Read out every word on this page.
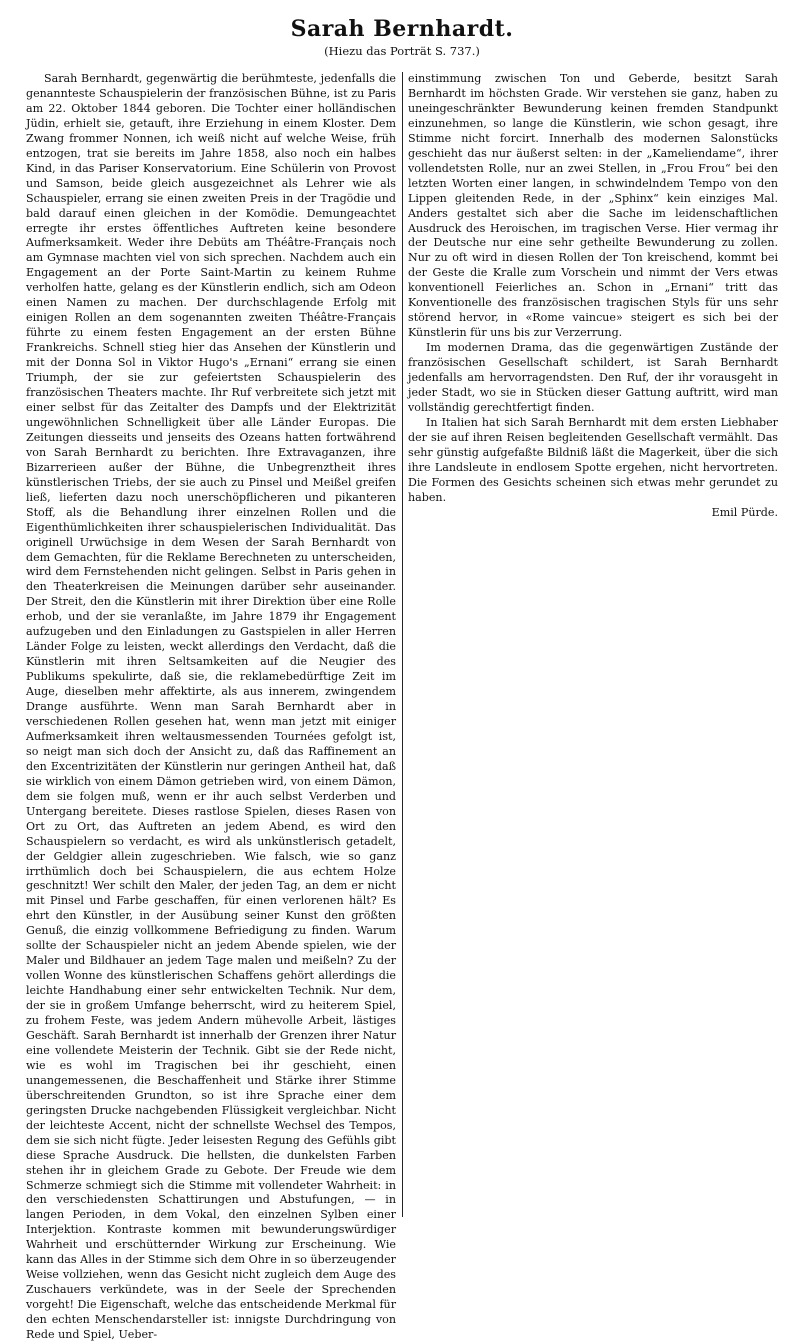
Sarah Bernhardt.
(Hiezu das Porträt S. 737.)

Sarah Bernhardt, gegenwärtig die berühmteste, jedenfalls die genannteste Schauspielerin der französischen Bühne, ist zu Paris am 22. Oktober 1844 geboren. Die Tochter einer holländischen Jüdin, erhielt sie, getauft, ihre Erziehung in einem Kloster. Dem Zwang frommer Nonnen, ich weiß nicht auf welche Weise, früh entzogen, trat sie bereits im Jahre 1858, also noch ein halbes Kind, in das Pariser Konservatorium. Eine Schülerin von Provost und Samson, beide gleich ausgezeichnet als Lehrer wie als Schauspieler, errang sie einen zweiten Preis in der Tragödie und bald darauf einen gleichen in der Komödie. Demungeachtet erregte ihr erstes öffentliches Auftreten keine besondere Aufmerksamkeit. Weder ihre Debüts am Théâtre-Français noch am Gymnase machten viel von sich sprechen. Nachdem auch ein Engagement an der Porte Saint-Martin zu keinem Ruhme verholfen hatte, gelang es der Künstlerin endlich, sich am Odeon einen Namen zu machen. Der durchschlagende Erfolg mit einigen Rollen an dem sogenannten zweiten Théâtre-Français führte zu einem festen Engagement an der ersten Bühne Frankreichs. Schnell stieg hier das Ansehen der Künstlerin und mit der Donna Sol in Viktor Hugo's „Ernani“ errang sie einen Triumph, der sie zur gefeiertsten Schauspielerin des französischen Theaters machte. Ihr Ruf verbreitete sich jetzt mit einer selbst für das Zeitalter des Dampfs und der Elektrizität ungewöhnlichen Schnelligkeit über alle Länder Europas. Die Zeitungen diesseits und jenseits des Ozeans hatten fortwährend von Sarah Bernhardt zu berichten. Ihre Extravaganzen, ihre Bizarrerieen außer der Bühne, die Unbegrenztheit ihres künstlerischen Triebs, der sie auch zu Pinsel und Meißel greifen ließ, lieferten dazu noch unerschöpflicheren und pikanteren Stoff, als die Behandlung ihrer einzelnen Rollen und die Eigenthümlichkeiten ihrer schauspielerischen Individualität. Das originell Urwüchsige in dem Wesen der Sarah Bernhardt von dem Gemachten, für die Reklame Berechneten zu unterscheiden, wird dem Fernstehenden nicht gelingen. Selbst in Paris gehen in den Theaterkreisen die Meinungen darüber sehr auseinander. Der Streit, den die Künstlerin mit ihrer Direktion über eine Rolle erhob, und der sie veranlaßte, im Jahre 1879 ihr Engagement aufzugeben und den Einladungen zu Gastspielen in aller Herren Länder Folge zu leisten, weckt allerdings den Verdacht, daß die Künstlerin mit ihren Seltsamkeiten auf die Neugier des Publikums spekulirte, daß sie, die reklamebedürftige Zeit im Auge, dieselben mehr affektirte, als aus innerem, zwingendem Drange ausführte. Wenn man Sarah Bernhardt aber in verschiedenen Rollen gesehen hat, wenn man jetzt mit einiger Aufmerksamkeit ihren weltausmessenden Tournées gefolgt ist, so neigt man sich doch der Ansicht zu, daß das Raffinement an den Excentrizitäten der Künstlerin nur geringen Antheil hat, daß sie wirklich von einem Dämon getrieben wird, von einem Dämon, dem sie folgen muß, wenn er ihr auch selbst Verderben und Untergang bereitete. Dieses rastlose Spielen, dieses Rasen von Ort zu Ort, das Auftreten an jedem Abend, es wird den Schauspielern so verdacht, es wird als unkünstlerisch getadelt, der Geldgier allein zugeschrieben. Wie falsch, wie so ganz irrthümlich doch bei Schauspielern, die aus echtem Holze geschnitzt! Wer schilt den Maler, der jeden Tag, an dem er nicht mit Pinsel und Farbe geschaffen, für einen verlorenen hält? Es ehrt den Künstler, in der Ausübung seiner Kunst den größten Genuß, die einzig vollkommene Befriedigung zu finden. Warum sollte der Schauspieler nicht an jedem Abende spielen, wie der Maler und Bildhauer an jedem Tage malen und meißeln? Zu der vollen Wonne des künstlerischen Schaffens gehört allerdings die leichte Handhabung einer sehr entwickelten Technik. Nur dem, der sie in großem Umfange beherrscht, wird zu heiterem Spiel, zu frohem Feste, was jedem Andern mühevolle Arbeit, lästiges Geschäft. Sarah Bernhardt ist innerhalb der Grenzen ihrer Natur eine vollendete Meisterin der Technik. Gibt sie der Rede nicht, wie es wohl im Tragischen bei ihr geschieht, einen unangemessenen, die Beschaffenheit und Stärke ihrer Stimme überschreitenden Grundton, so ist ihre Sprache einer dem geringsten Drucke nachgebenden Flüssigkeit vergleichbar. Nicht der leichteste Accent, nicht der schnellste Wechsel des Tempos, dem sie sich nicht fügte. Jeder leisesten Regung des Gefühls gibt diese Sprache Ausdruck. Die hellsten, die dunkelsten Farben stehen ihr in gleichem Grade zu Gebote. Der Freude wie dem Schmerze schmiegt sich die Stimme mit vollendeter Wahrheit: in den verschiedensten Schattirungen und Abstufungen, — in langen Perioden, in dem Vokal, den einzelnen Sylben einer Interjektion. Kontraste kommen mit bewunderungswürdiger Wahrheit und erschütternder Wirkung zur Erscheinung. Wie kann das Alles in der Stimme sich dem Ohre in so überzeugender Weise vollziehen, wenn das Gesicht nicht zugleich dem Auge des Zuschauers verkündete, was in der Seele der Sprechenden vorgeht! Die Eigenschaft, welche das entscheidende Merkmal für den echten Menschendarsteller ist: innigste Durchdringung von Rede und Spiel, Ueber-

einstimmung zwischen Ton und Geberde, besitzt Sarah Bernhardt im höchsten Grade. Wir verstehen sie ganz, haben zu uneingeschränkter Bewunderung keinen fremden Standpunkt einzunehmen, so lange die Künstlerin, wie schon gesagt, ihre Stimme nicht forcirt. Innerhalb des modernen Salonstücks geschieht das nur äußerst selten: in der „Kameliendame“, ihrer vollendetsten Rolle, nur an zwei Stellen, in „Frou Frou“ bei den letzten Worten einer langen, in schwindelndem Tempo von den Lippen gleitenden Rede, in der „Sphinx“ kein einziges Mal. Anders gestaltet sich aber die Sache im leidenschaftlichen Ausdruck des Heroischen, im tragischen Verse. Hier vermag ihr der Deutsche nur eine sehr getheilte Bewunderung zu zollen. Nur zu oft wird in diesen Rollen der Ton kreischend, kommt bei der Geste die Kralle zum Vorschein und nimmt der Vers etwas konventionell Feierliches an. Schon in „Ernani“ tritt das Konventionelle des französischen tragischen Styls für uns sehr störend hervor, in «Rome vaincue» steigert es sich bei der Künstlerin für uns bis zur Verzerrung.

Im modernen Drama, das die gegenwärtigen Zustände der französischen Gesellschaft schildert, ist Sarah Bernhardt jedenfalls am hervorragendsten. Den Ruf, der ihr vorausgeht in jeder Stadt, wo sie in Stücken dieser Gattung auftritt, wird man vollständig gerechtfertigt finden.

In Italien hat sich Sarah Bernhardt mit dem ersten Liebhaber der sie auf ihren Reisen begleitenden Gesellschaft vermählt. Das sehr günstig aufgefaßte Bildniß läßt die Magerkeit, über die sich ihre Landsleute in endlosem Spotte ergehen, nicht hervortreten. Die Formen des Gesichts scheinen sich etwas mehr gerundet zu haben.

Emil Pürde.
